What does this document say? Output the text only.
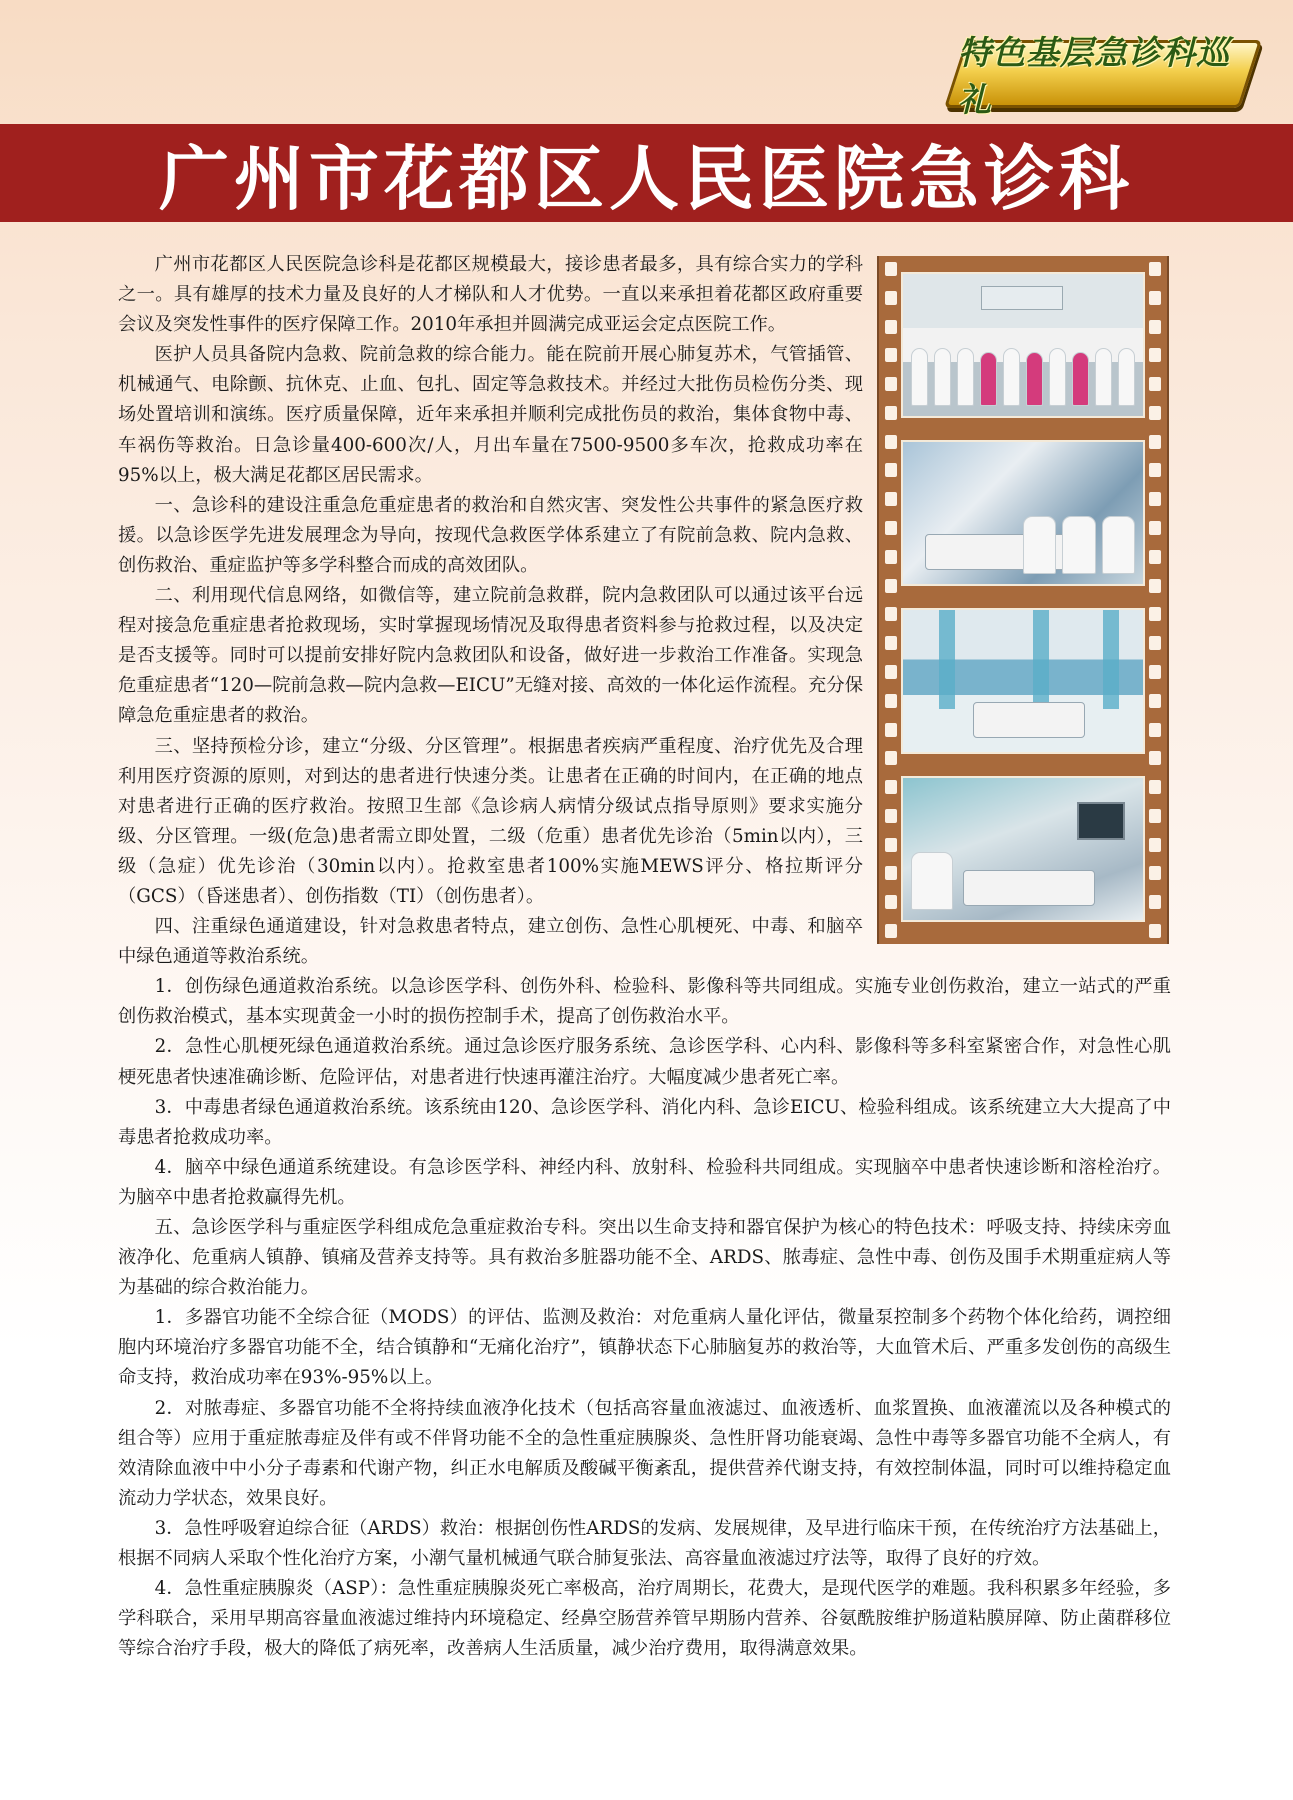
特色基层急诊科巡礼
广州市花都区人民医院急诊科

广州市花都区人民医院急诊科是花都区规模最大，接诊患者最多，具有综合实力的学科之一。具有雄厚的技术力量及良好的人才梯队和人才优势。一直以来承担着花都区政府重要会议及突发性事件的医疗保障工作。2010年承担并圆满完成亚运会定点医院工作。

医护人员具备院内急救、院前急救的综合能力。能在院前开展心肺复苏术，气管插管、机械通气、电除颤、抗休克、止血、包扎、固定等急救技术。并经过大批伤员检伤分类、现场处置培训和演练。医疗质量保障，近年来承担并顺利完成批伤员的救治，集体食物中毒、车祸伤等救治。日急诊量400-600次/人，月出车量在7500-9500多车次，抢救成功率在95%以上，极大满足花都区居民需求。

一、急诊科的建设注重急危重症患者的救治和自然灾害、突发性公共事件的紧急医疗救援。以急诊医学先进发展理念为导向，按现代急救医学体系建立了有院前急救、院内急救、创伤救治、重症监护等多学科整合而成的高效团队。

二、利用现代信息网络，如微信等，建立院前急救群，院内急救团队可以通过该平台远程对接急危重症患者抢救现场，实时掌握现场情况及取得患者资料参与抢救过程，以及决定是否支援等。同时可以提前安排好院内急救团队和设备，做好进一步救治工作准备。实现急危重症患者“120—院前急救—院内急救—EICU”无缝对接、高效的一体化运作流程。充分保障急危重症患者的救治。

三、坚持预检分诊，建立“分级、分区管理”。根据患者疾病严重程度、治疗优先及合理利用医疗资源的原则，对到达的患者进行快速分类。让患者在正确的时间内，在正确的地点对患者进行正确的医疗救治。按照卫生部《急诊病人病情分级试点指导原则》要求实施分级、分区管理。一级(危急)患者需立即处置，二级（危重）患者优先诊治（5min以内），三级（急症）优先诊治（30min以内）。抢救室患者100%实施MEWS评分、格拉斯评分（GCS）（昏迷患者）、创伤指数（TI）（创伤患者）。

四、注重绿色通道建设，针对急救患者特点，建立创伤、急性心肌梗死、中毒、和脑卒中绿色通道等救治系统。

1．创伤绿色通道救治系统。以急诊医学科、创伤外科、检验科、影像科等共同组成。实施专业创伤救治，建立一站式的严重创伤救治模式，基本实现黄金一小时的损伤控制手术，提高了创伤救治水平。

2．急性心肌梗死绿色通道救治系统。通过急诊医疗服务系统、急诊医学科、心内科、影像科等多科室紧密合作，对急性心肌梗死患者快速准确诊断、危险评估，对患者进行快速再灌注治疗。大幅度减少患者死亡率。

3．中毒患者绿色通道救治系统。该系统由120、急诊医学科、消化内科、急诊EICU、检验科组成。该系统建立大大提高了中毒患者抢救成功率。

4．脑卒中绿色通道系统建设。有急诊医学科、神经内科、放射科、检验科共同组成。实现脑卒中患者快速诊断和溶栓治疗。为脑卒中患者抢救赢得先机。

五、急诊医学科与重症医学科组成危急重症救治专科。突出以生命支持和器官保护为核心的特色技术：呼吸支持、持续床旁血液净化、危重病人镇静、镇痛及营养支持等。具有救治多脏器功能不全、ARDS、脓毒症、急性中毒、创伤及围手术期重症病人等为基础的综合救治能力。

1．多器官功能不全综合征（MODS）的评估、监测及救治：对危重病人量化评估，微量泵控制多个药物个体化给药，调控细胞内环境治疗多器官功能不全，结合镇静和“无痛化治疗”，镇静状态下心肺脑复苏的救治等，大血管术后、严重多发创伤的高级生命支持，救治成功率在93%-95%以上。

2．对脓毒症、多器官功能不全将持续血液净化技术（包括高容量血液滤过、血液透析、血浆置换、血液灌流以及各种模式的组合等）应用于重症脓毒症及伴有或不伴肾功能不全的急性重症胰腺炎、急性肝肾功能衰竭、急性中毒等多器官功能不全病人，有效清除血液中中小分子毒素和代谢产物，纠正水电解质及酸碱平衡紊乱，提供营养代谢支持，有效控制体温，同时可以维持稳定血流动力学状态，效果良好。

3．急性呼吸窘迫综合征（ARDS）救治：根据创伤性ARDS的发病、发展规律，及早进行临床干预，在传统治疗方法基础上，根据不同病人采取个性化治疗方案，小潮气量机械通气联合肺复张法、高容量血液滤过疗法等，取得了良好的疗效。

4．急性重症胰腺炎（ASP）：急性重症胰腺炎死亡率极高，治疗周期长，花费大，是现代医学的难题。我科积累多年经验，多学科联合，采用早期高容量血液滤过维持内环境稳定、经鼻空肠营养管早期肠内营养、谷氨酰胺维护肠道粘膜屏障、防止菌群移位等综合治疗手段，极大的降低了病死率，改善病人生活质量，减少治疗费用，取得满意效果。
